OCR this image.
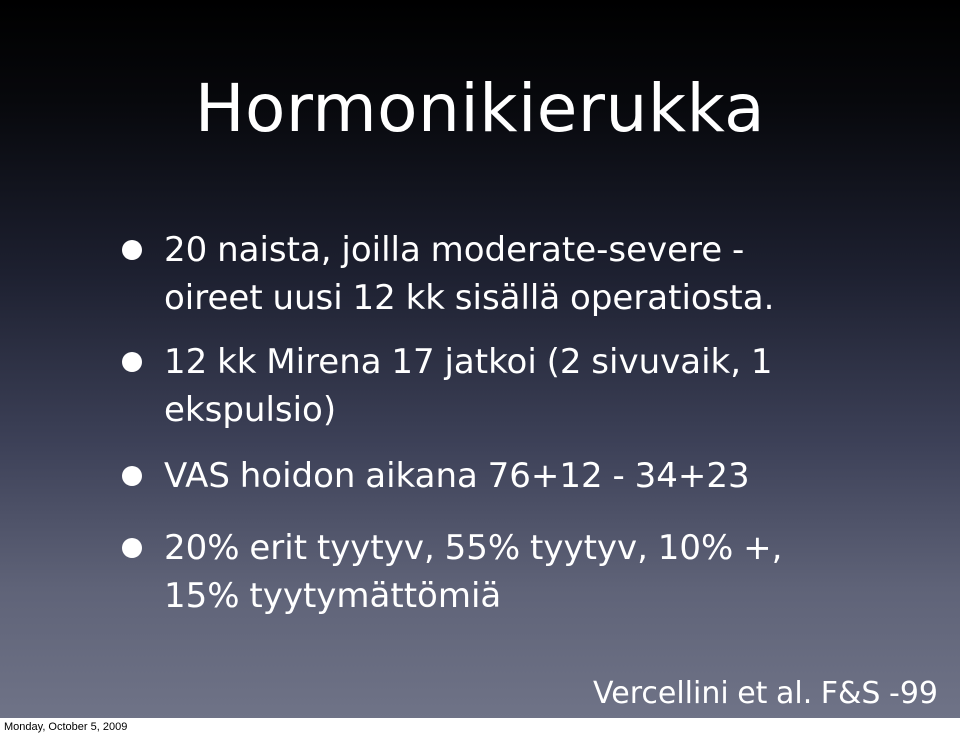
Hormonikierukka
20 naista, joilla moderate-severe -
oireet uusi 12 kk sisällä operatiosta.
12 kk Mirena 17 jatkoi (2 sivuvaik, 1
ekspulsio)
VAS hoidon aikana 76+12 - 34+23
20% erit tyytyv, 55% tyytyv, 10% +,
15% tyytymättömiä
Vercellini et al. F&S -99
Monday, October 5, 2009
